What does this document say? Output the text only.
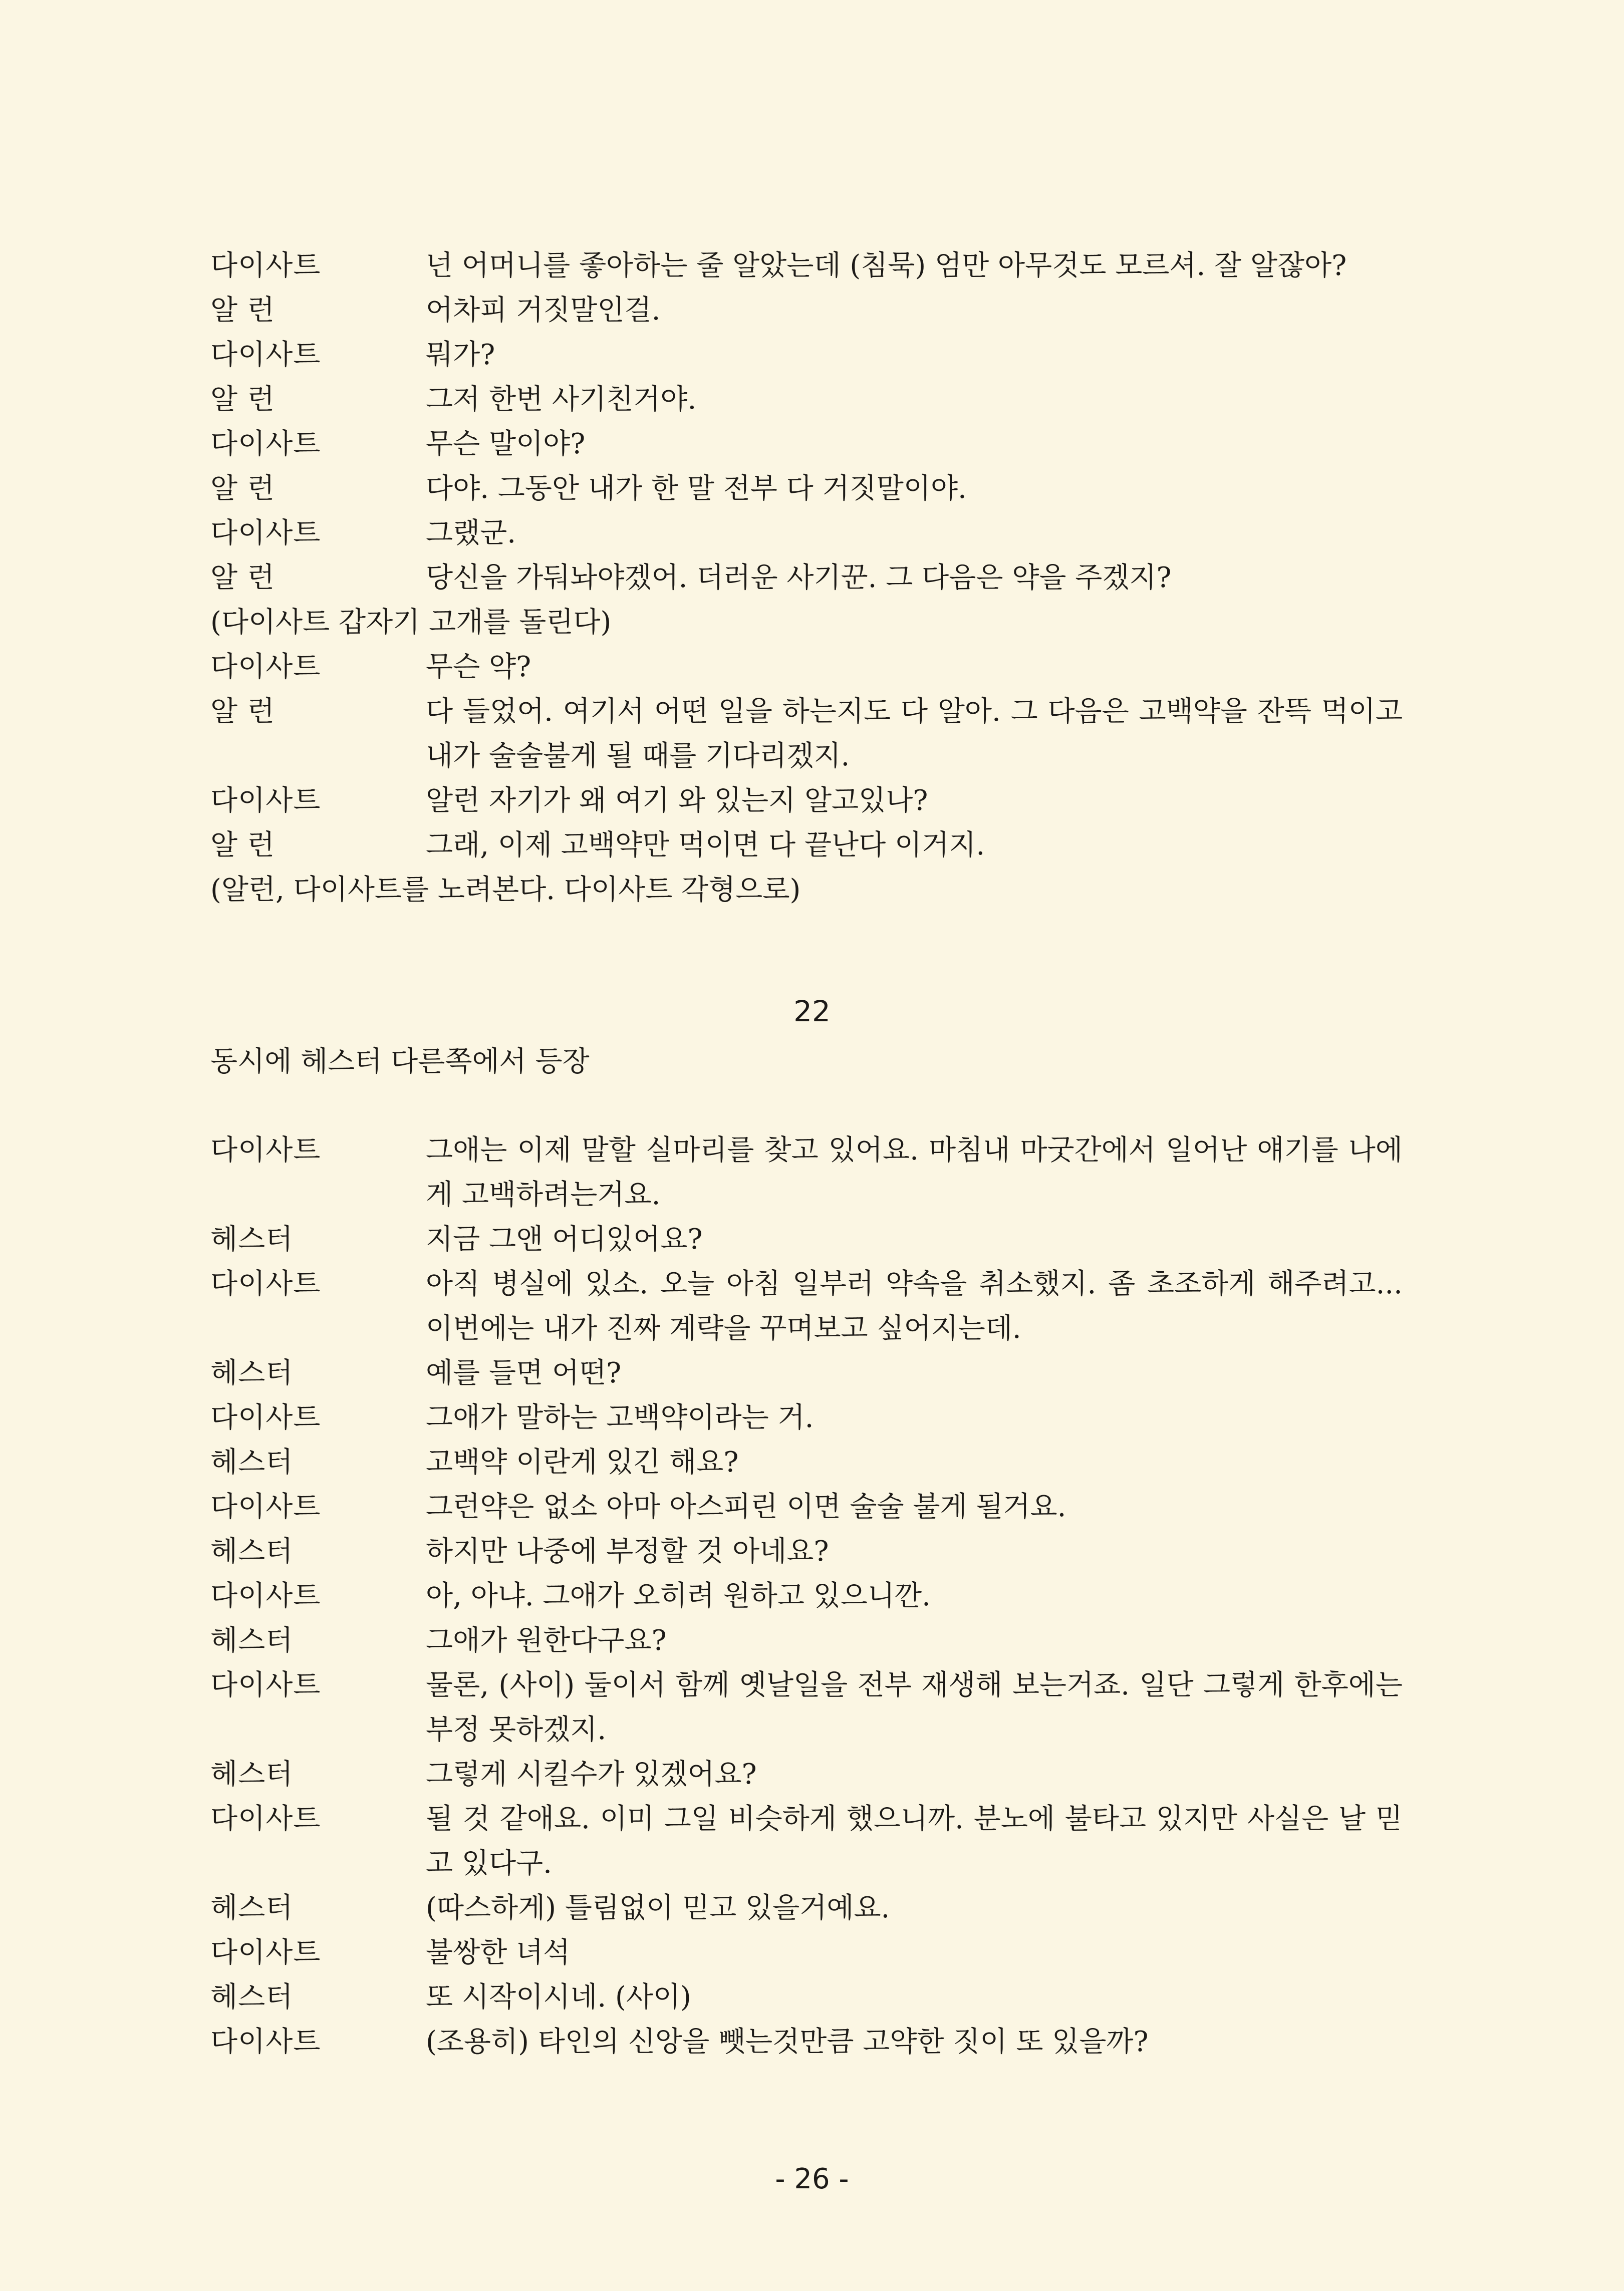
다이사트	넌 어머니를 좋아하는 줄 알았는데 (침묵) 엄만 아무것도 모르셔. 잘 알잖아?
알 런	어차피 거짓말인걸.
다이사트	뭐가?
알 런	그저 한번 사기친거야.
다이사트	무슨 말이야?
알 런	다야. 그동안 내가 한 말 전부 다 거짓말이야.
다이사트	그랬군.
알 런	당신을 가둬놔야겠어. 더러운 사기꾼. 그 다음은 약을 주겠지?
(다이사트 갑자기 고개를 돌린다)
다이사트	무슨 약?
알 런	다 들었어. 여기서 어떤 일을 하는지도 다 알아. 그 다음은 고백약을 잔뜩 먹이고 내가 술술불게 될 때를 기다리겠지.
다이사트	알런 자기가 왜 여기 와 있는지 알고있나?
알 런	그래, 이제 고백약만 먹이면 다 끝난다 이거지.
(알런, 다이사트를 노려본다. 다이사트 각형으로)
22
동시에 헤스터 다른쪽에서 등장
다이사트	그애는 이제 말할 실마리를 찾고 있어요. 마침내 마굿간에서 일어난 얘기를 나에게 고백하려는거요.
헤스터	지금 그앤 어디있어요?
다이사트	아직 병실에 있소. 오늘 아침 일부러 약속을 취소했지. 좀 초조하게 해주려고... 이번에는 내가 진짜 계략을 꾸며보고 싶어지는데.
헤스터	예를 들면 어떤?
다이사트	그애가 말하는 고백약이라는 거.
헤스터	고백약 이란게 있긴 해요?
다이사트	그런약은 없소 아마 아스피린 이면 술술 불게 될거요.
헤스터	하지만 나중에 부정할 것 아네요?
다이사트	아, 아냐. 그애가 오히려 원하고 있으니깐.
헤스터	그애가 원한다구요?
다이사트	물론, (사이) 둘이서 함께 옛날일을 전부 재생해 보는거죠. 일단 그렇게 한후에는 부정 못하겠지.
헤스터	그렇게 시킬수가 있겠어요?
다이사트	될 것 같애요. 이미 그일 비슷하게 했으니까. 분노에 불타고 있지만 사실은 날 믿고 있다구.
헤스터	(따스하게) 틀림없이 믿고 있을거예요.
다이사트	불쌍한 녀석
헤스터	또 시작이시네. (사이)
다이사트	(조용히) 타인의 신앙을 뺏는것만큼 고약한 짓이 또 있을까?
- 26 -
